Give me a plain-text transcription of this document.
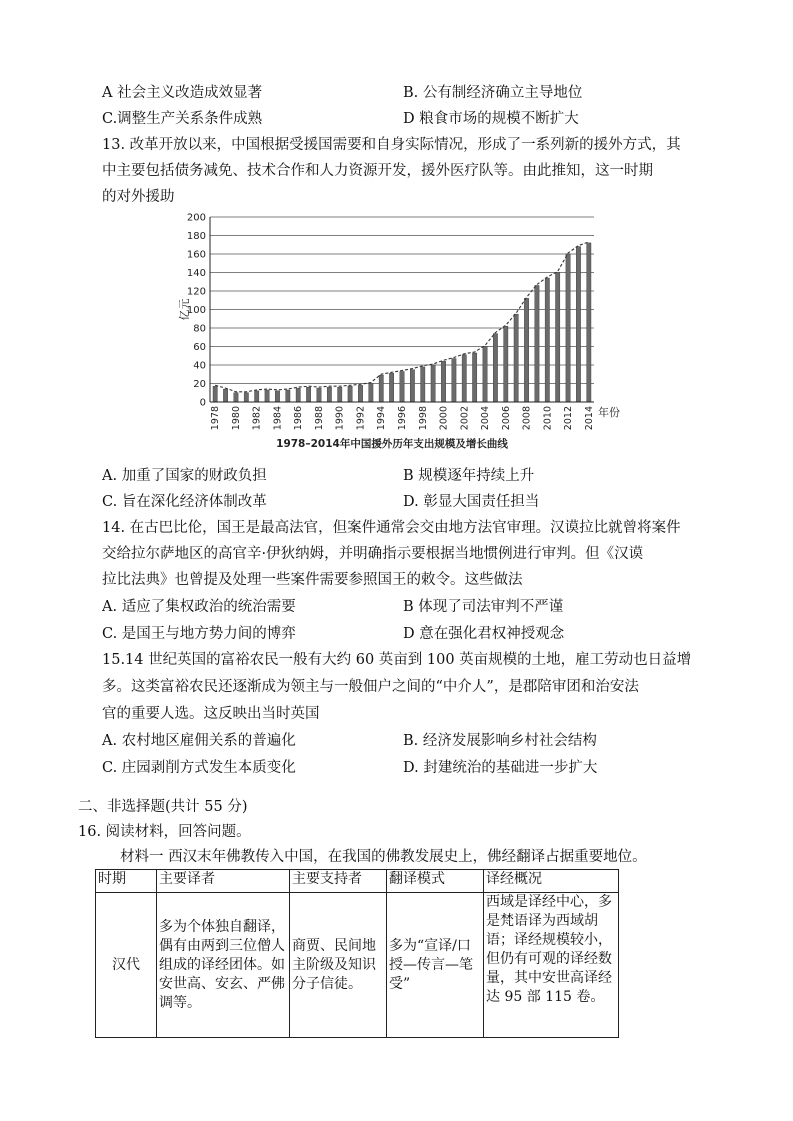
A 社会主义改造成效显著	B. 公有制经济确立主导地位
C.调整生产关系条件成熟	D 粮食市场的规模不断扩大
13. 改革开放以来，中国根据受援国需要和自身实际情况，形成了一系列新的援外方式，其
中主要包括债务减免、技术合作和人力资源开发，援外医疗队等。由此推知，这一时期
的对外援助
0
20
40
60
80
100
120
140
160
180
200
亿元
1978 1980 1982 1984 1986 1988 1990 1992 1994 1996 1998 2000 2002 2004 2006 2008 2010 2012 2014 年份
1978–2014年中国援外历年支出规模及增长曲线
A. 加重了国家的财政负担	B 规模逐年持续上升
C. 旨在深化经济体制改革	D. 彰显大国责任担当
14. 在古巴比伦，国王是最高法官，但案件通常会交由地方法官审理。汉谟拉比就曾将案件
交给拉尔萨地区的高官辛·伊狄纳姆，并明确指示要根据当地惯例进行审判。但《汉谟
拉比法典》也曾提及处理一些案件需要参照国王的敕令。这些做法
A. 适应了集权政治的统治需要	B 体现了司法审判不严谨
C. 是国王与地方势力间的博弈	D 意在强化君权神授观念
15.14 世纪英国的富裕农民一般有大约 60 英亩到 100 英亩规模的土地，雇工劳动也日益增
多。这类富裕农民还逐渐成为领主与一般佃户之间的“中介人”，是郡陪审团和治安法
官的重要人选。这反映出当时英国
A. 农村地区雇佣关系的普遍化	B. 经济发展影响乡村社会结构
C. 庄园剥削方式发生本质变化	D. 封建统治的基础进一步扩大
二、非选择题(共计 55 分)
16. 阅读材料，回答问题。
材料一 西汉末年佛教传入中国，在我国的佛教发展史上，佛经翻译占据重要地位。
时期	主要译者	主要支持者	翻译模式	译经概况
汉代	多为个体独自翻译，偶有由两到三位僧人组成的译经团体。如安世高、安玄、严佛调等。	商贾、民间地主阶级及知识分子信徒。	多为“宣译/口授—传言—笔受”	西域是译经中心，多是梵语译为西域胡语；译经规模较小， 但仍有可观的译经数量，其中安世高译经达 95 部 115 卷。
